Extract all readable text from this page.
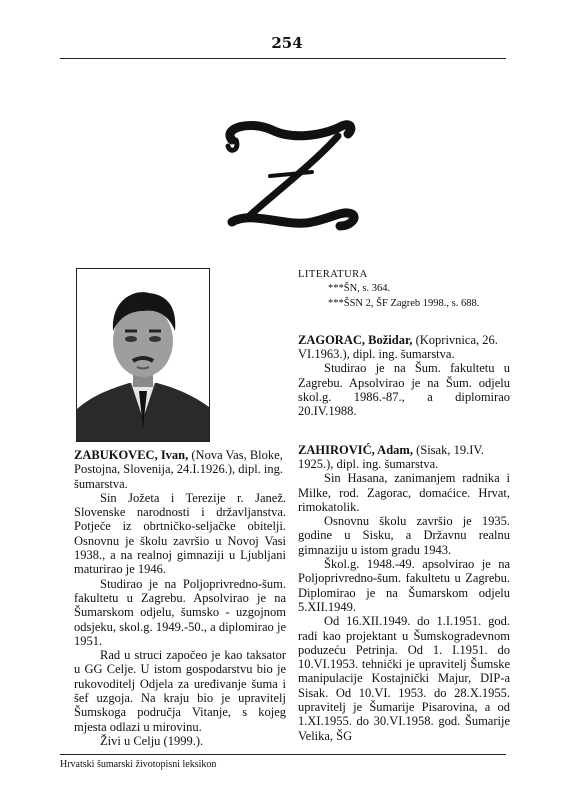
254

ZABUKOVEC, Ivan, (Nova Vas, Bloke, Postojna, Slovenija, 24.I.1926.), dipl. ing. šumarstva.

Sin Jožeta i Terezije r. Janež. Slovenske narodnosti i državljanstva. Potječe iz obrtničko-seljačke obitelji. Osnovnu je školu završio u Novoj Vasi 1938., a na realnoj gimnaziji u Ljubljani maturirao je 1946.

Studirao je na Poljoprivredno-šum. fakultetu u Zagrebu. Apsolvirao je na Šumarskom odjelu, šumsko - uzgojnom odsjeku, skol.g. 1949.-50., a diplomirao je 1951.

Rad u struci započeo je kao taksator u GG Celje. U istom gospodarstvu bio je rukovoditelj Odjela za uređivanje šuma i šef uzgoja. Na kraju bio je upravitelj Šumskoga područja Vitanje, s kojeg mjesta odlazi u mirovinu.

Živi u Celju (1999.).

LITERATURA
***ŠN, s. 364.
***ŠSN 2, ŠF Zagreb 1998., s. 688.

ZAGORAC, Božidar, (Koprivnica, 26. VI.1963.), dipl. ing. šumarstva.

Studirao je na Šum. fakultetu u Zagrebu. Apsolvirao je na Šum. odjelu skol.g. 1986.-87., a diplomirao 20.IV.1988.

ZAHIROVIĆ, Adam, (Sisak, 19.IV. 1925.), dipl. ing. šumarstva.

Sin Hasana, zanimanjem radnika i Milke, rod. Zagorac, domaćice. Hrvat, rimokatolik.

Osnovnu školu završio je 1935. godine u Sisku, a Državnu realnu gimnaziju u istom gradu 1943.

Škol.g. 1948.-49. apsolvirao je na Poljoprivredno-šum. fakultetu u Zagrebu. Diplomirao je na Šumarskom odjelu 5.XII.1949.

Od 16.XII.1949. do 1.I.1951. god. radi kao projektant u Šumskogradevnom poduzeću Petrinja. Od 1. I.1951. do 10.VI.1953. tehnički je upravitelj Šumske manipulacije Kostajnički Majur, DIP-a Sisak. Od 10.VI. 1953. do 28.X.1955. upravitelj je Šumarije Pisarovina, a od 1.XI.1955. do 30.VI.1958. god. Šumarije Velika, ŠG

Hrvatski šumarski životopisni leksikon
